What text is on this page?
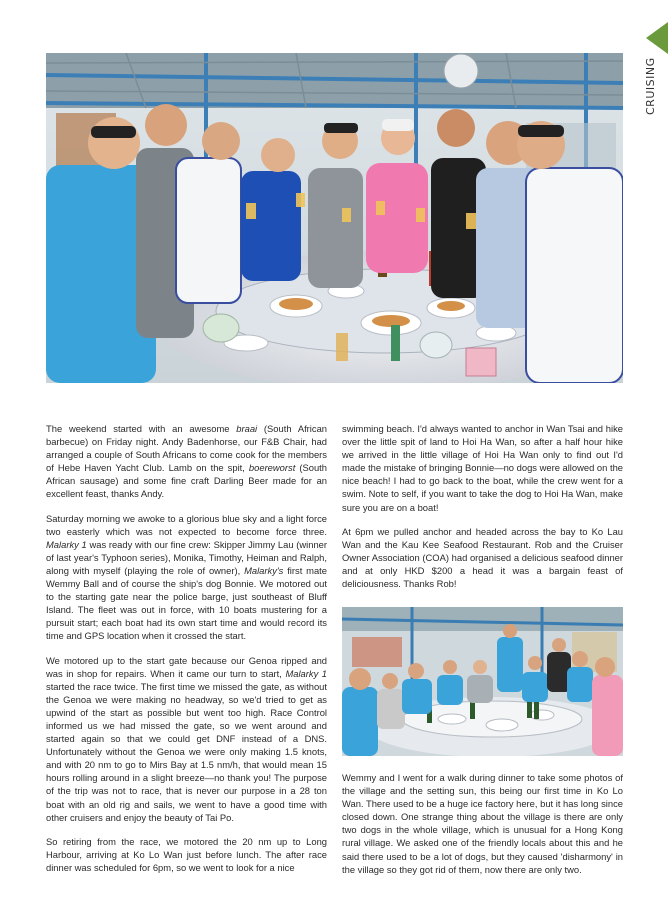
CRUISING

The weekend started with an awesome braai (South African barbecue) on Friday night. Andy Badenhorse, our F&B Chair, had arranged a couple of South Africans to come cook for the members of Hebe Haven Yacht Club. Lamb on the spit, boereworst (South African sausage) and some fine craft Darling Beer made for an excellent feast, thanks Andy.

Saturday morning we awoke to a glorious blue sky and a light force two easterly which was not expected to become force three. Malarky 1 was ready with our fine crew: Skipper Jimmy Lau (winner of last year's Typhoon series), Monika, Timothy, Heiman and Ralph, along with myself (playing the role of owner), Malarky's first mate Wemmy Ball and of course the ship's dog Bonnie. We motored out to the starting gate near the police barge, just southeast of Bluff Island. The fleet was out in force, with 10 boats mustering for a pursuit start; each boat had its own start time and would record its time and GPS location when it crossed the start.

We motored up to the start gate because our Genoa ripped and was in shop for repairs. When it came our turn to start, Malarky 1 started the race twice. The first time we missed the gate, as without the Genoa we were making no headway, so we'd tried to get as upwind of the start as possible but went too high. Race Control informed us we had missed the gate, so we went around and started again so that we could get DNF instead of a DNS. Unfortunately without the Genoa we were only making 1.5 knots, and with 20 nm to go to Mirs Bay at 1.5 nm/h, that would mean 15 hours rolling around in a slight breeze—no thank you! The purpose of the trip was not to race, that is never our purpose in a 28 ton boat with an old rig and sails, we went to have a good time with other cruisers and enjoy the beauty of Tai Po.

So retiring from the race, we motored the 20 nm up to Long Harbour, arriving at Ko Lo Wan just before lunch. The after race dinner was scheduled for 6pm, so we went to look for a nice

swimming beach. I'd always wanted to anchor in Wan Tsai and hike over the little spit of land to Hoi Ha Wan, so after a half hour hike we arrived in the little village of Hoi Ha Wan only to find out I'd made the mistake of bringing Bonnie—no dogs were allowed on the nice beach! I had to go back to the boat, while the crew went for a swim. Note to self, if you want to take the dog to Hoi Ha Wan, make sure you are on a boat!

At 6pm we pulled anchor and headed across the bay to Ko Lau Wan and the Kau Kee Seafood Restaurant. Rob and the Cruiser Owner Association (COA) had organised a delicious seafood dinner and at only HKD $200 a head it was a bargain feast of deliciousness. Thanks Rob!

Wemmy and I went for a walk during dinner to take some photos of the village and the setting sun, this being our first time in Ko Lo Wan. There used to be a huge ice factory here, but it has long since closed down. One strange thing about the village is there are only two dogs in the whole village, which is unusual for a Hong Kong rural village. We asked one of the friendly locals about this and he said there used to be a lot of dogs, but they caused 'disharmony' in the village so they got rid of them, now there are only two.
